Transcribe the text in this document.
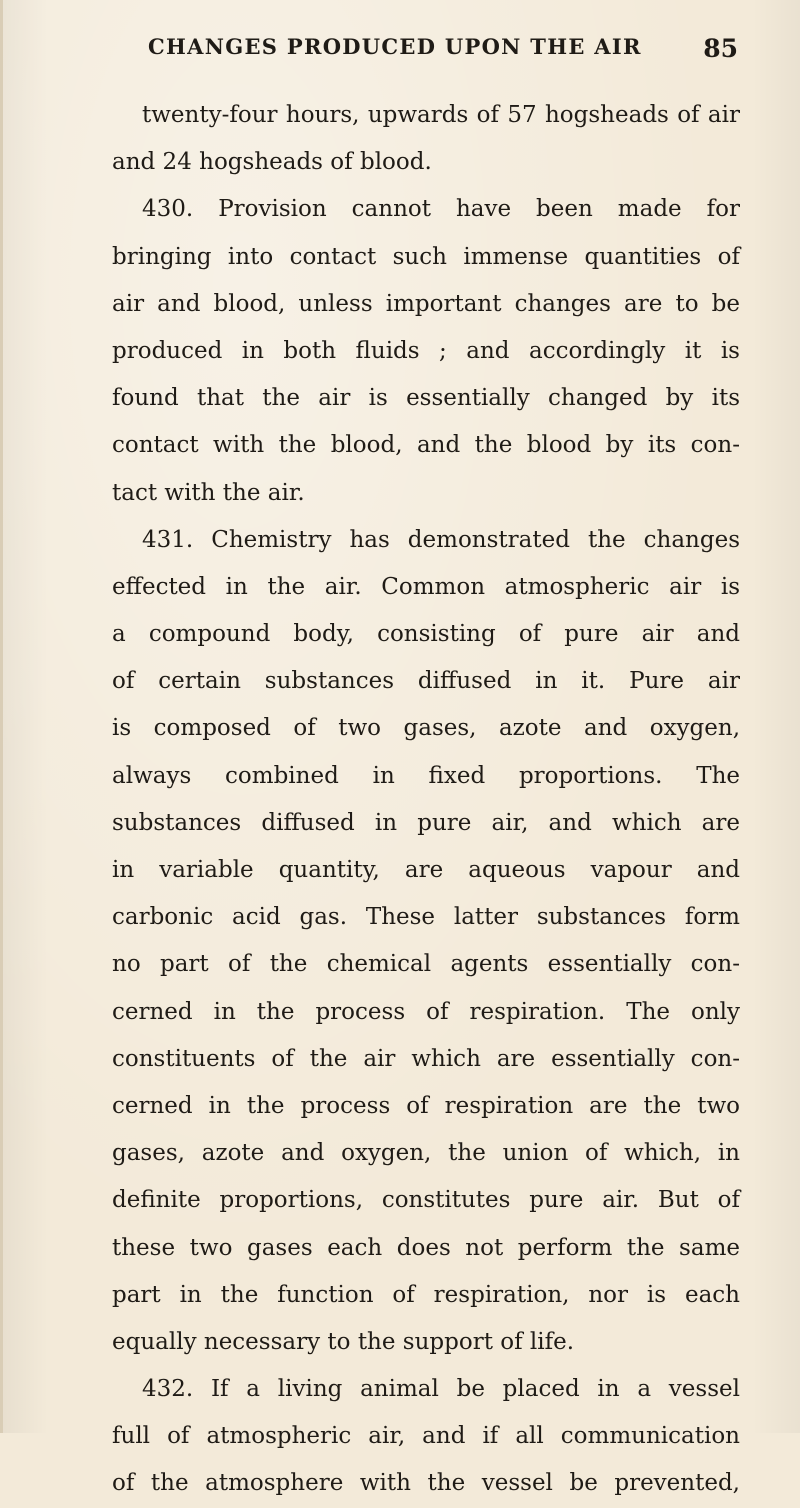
CHANGES PRODUCED UPON THE AIR 85
twenty-four hours, upwards of 57 hogsheads of air
and 24 hogsheads of blood.
430. Provision cannot have been made for
bringing into contact such immense quantities of
air and blood, unless important changes are to be
produced in both fluids ; and accordingly it is
found that the air is essentially changed by its
contact with the blood, and the blood by its con-
tact with the air.
431. Chemistry has demonstrated the changes
effected in the air. Common atmospheric air is
a compound body, consisting of pure air and
of certain substances diffused in it. Pure air
is composed of two gases, azote and oxygen,
always combined in fixed proportions. The
substances diffused in pure air, and which are
in variable quantity, are aqueous vapour and
carbonic acid gas. These latter substances form
no part of the chemical agents essentially con-
cerned in the process of respiration. The only
constituents of the air which are essentially con-
cerned in the process of respiration are the two
gases, azote and oxygen, the union of which, in
definite proportions, constitutes pure air. But of
these two gases each does not perform the same
part in the function of respiration, nor is each
equally necessary to the support of life.
432. If a living animal be placed in a vessel
full of atmospheric air, and if all communication
of the atmosphere with the vessel be prevented,
